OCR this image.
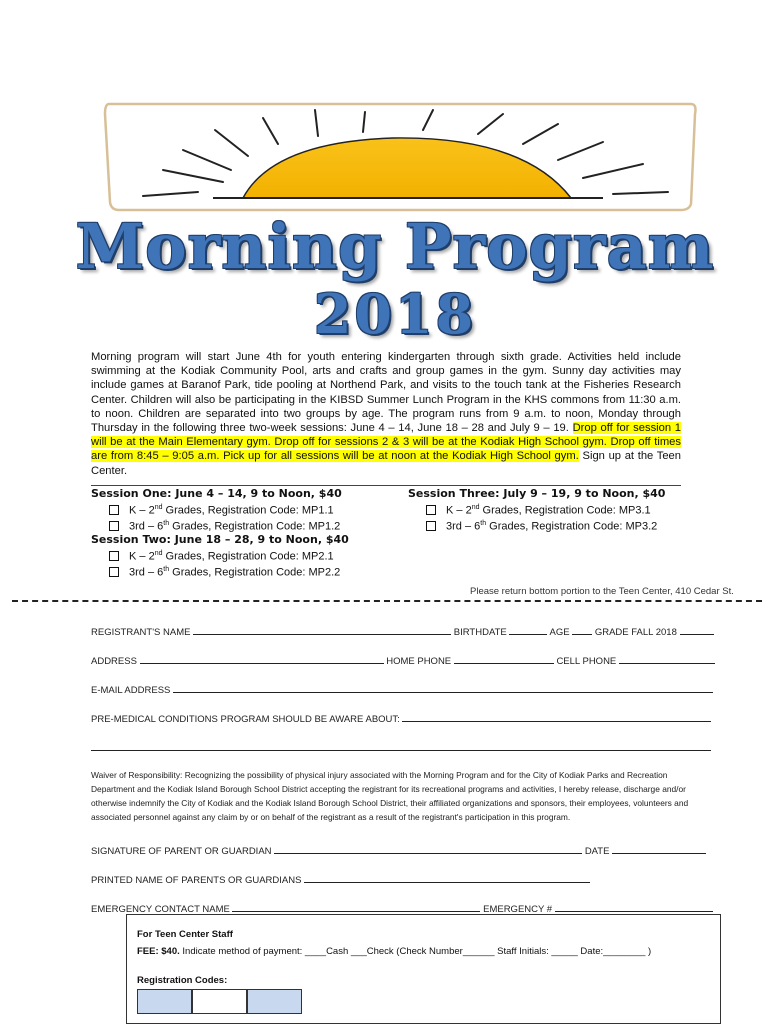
Morning Program
2018
Morning program will start June 4th for youth entering kindergarten through sixth grade. Activities held include swimming at the Kodiak Community Pool, arts and crafts and group games in the gym. Sunny day activities may include games at Baranof Park, tide pooling at Northend Park, and visits to the touch tank at the Fisheries Research Center. Children will also be participating in the KIBSD Summer Lunch Program in the KHS commons from 11:30 a.m. to noon. Children are separated into two groups by age. The program runs from 9 a.m. to noon, Monday through Thursday in the following three two-week sessions: June 4 – 14, June 18 – 28 and July 9 – 19. Drop off for session 1 will be at the Main Elementary gym. Drop off for sessions 2 & 3 will be at the Kodiak High School gym. Drop off times are from 8:45 – 9:05 a.m. Pick up for all sessions will be at noon at the Kodiak High School gym. Sign up at the Teen Center.
Session One: June 4 – 14, 9 to Noon, $40
K – 2nd Grades, Registration Code: MP1.1
3rd – 6th Grades, Registration Code: MP1.2
Session Two: June 18 – 28, 9 to Noon, $40
K – 2nd Grades, Registration Code: MP2.1
3rd – 6th Grades, Registration Code: MP2.2
Session Three: July 9 – 19, 9 to Noon, $40
K – 2nd Grades, Registration Code: MP3.1
3rd – 6th Grades, Registration Code: MP3.2
Please return bottom portion to the Teen Center, 410 Cedar St.
REGISTRANT'S NAME	BIRTHDATE	AGE	GRADE FALL 2018
ADDRESS	HOME PHONE	CELL PHONE
E-MAIL ADDRESS
PRE-MEDICAL CONDITIONS PROGRAM SHOULD BE AWARE ABOUT:
Waiver of Responsibility: Recognizing the possibility of physical injury associated with the Morning Program and for the City of Kodiak Parks and Recreation Department and the Kodiak Island Borough School District accepting the registrant for its recreational programs and activities, I hereby release, discharge and/or otherwise indemnify the City of Kodiak and the Kodiak Island Borough School District, their affiliated organizations and sponsors, their employees, volunteers and associated personnel against any claim by or on behalf of the registrant as a result of the registrant's participation in this program.
SIGNATURE OF PARENT OR GUARDIAN	DATE
PRINTED NAME OF PARENTS OR GUARDIANS
EMERGENCY CONTACT NAME	EMERGENCY #
For Teen Center Staff
FEE: $40. Indicate method of payment: ____Cash ___Check (Check Number______ Staff Initials: _____ Date:________ )
Registration Codes:
